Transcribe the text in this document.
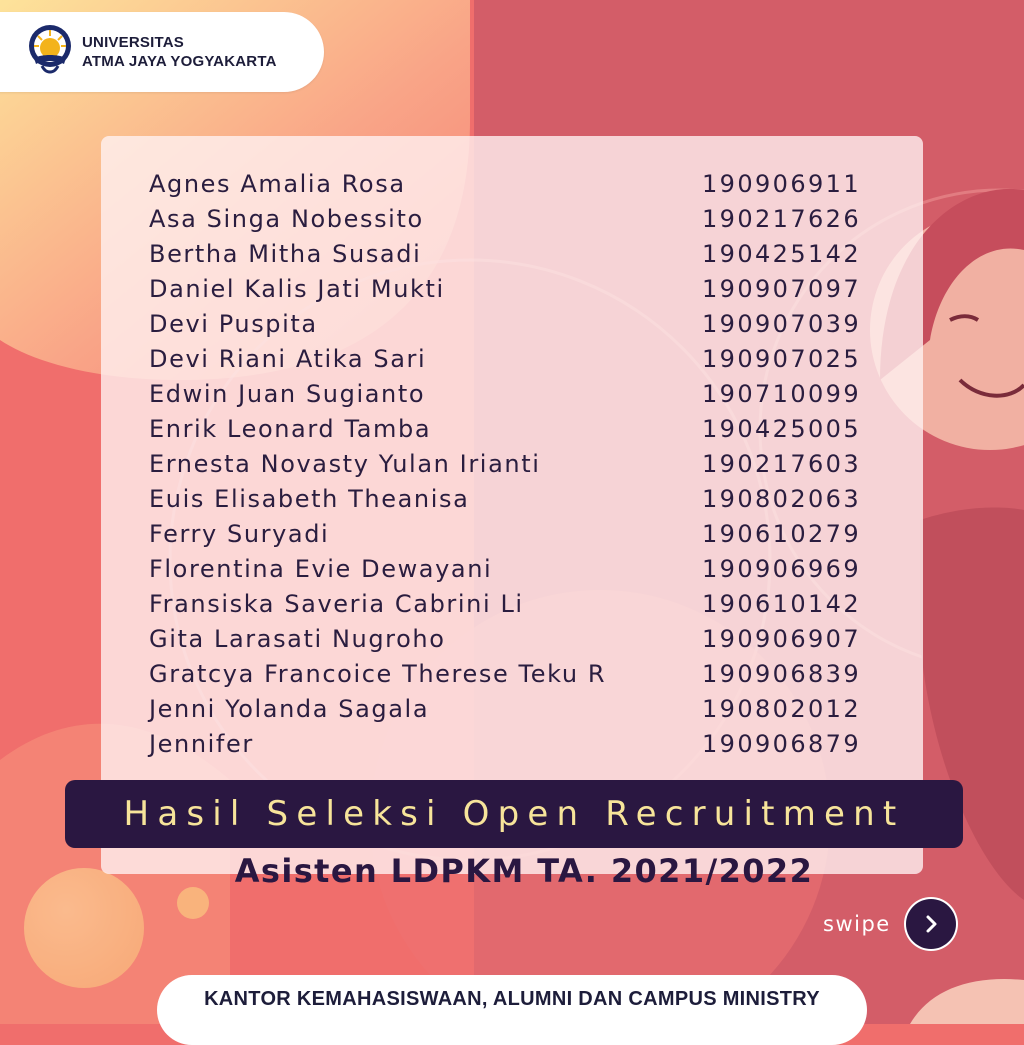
UNIVERSITAS
ATMA JAYA YOGYAKARTA
Agnes Amalia Rosa	190906911
Asa Singa Nobessito	190217626
Bertha Mitha Susadi	190425142
Daniel Kalis Jati Mukti	190907097
Devi Puspita	190907039
Devi Riani Atika Sari	190907025
Edwin Juan Sugianto	190710099
Enrik Leonard Tamba	190425005
Ernesta Novasty Yulan Irianti	190217603
Euis Elisabeth Theanisa	190802063
Ferry Suryadi	190610279
Florentina Evie Dewayani	190906969
Fransiska Saveria Cabrini Li	190610142
Gita Larasati Nugroho	190906907
Gratcya Francoice Therese Teku R	190906839
Jenni Yolanda Sagala	190802012
Jennifer	190906879
Hasil Seleksi Open Recruitment
Asisten LDPKM TA. 2021/2022
swipe
KANTOR KEMAHASISWAAN, ALUMNI DAN CAMPUS MINISTRY
